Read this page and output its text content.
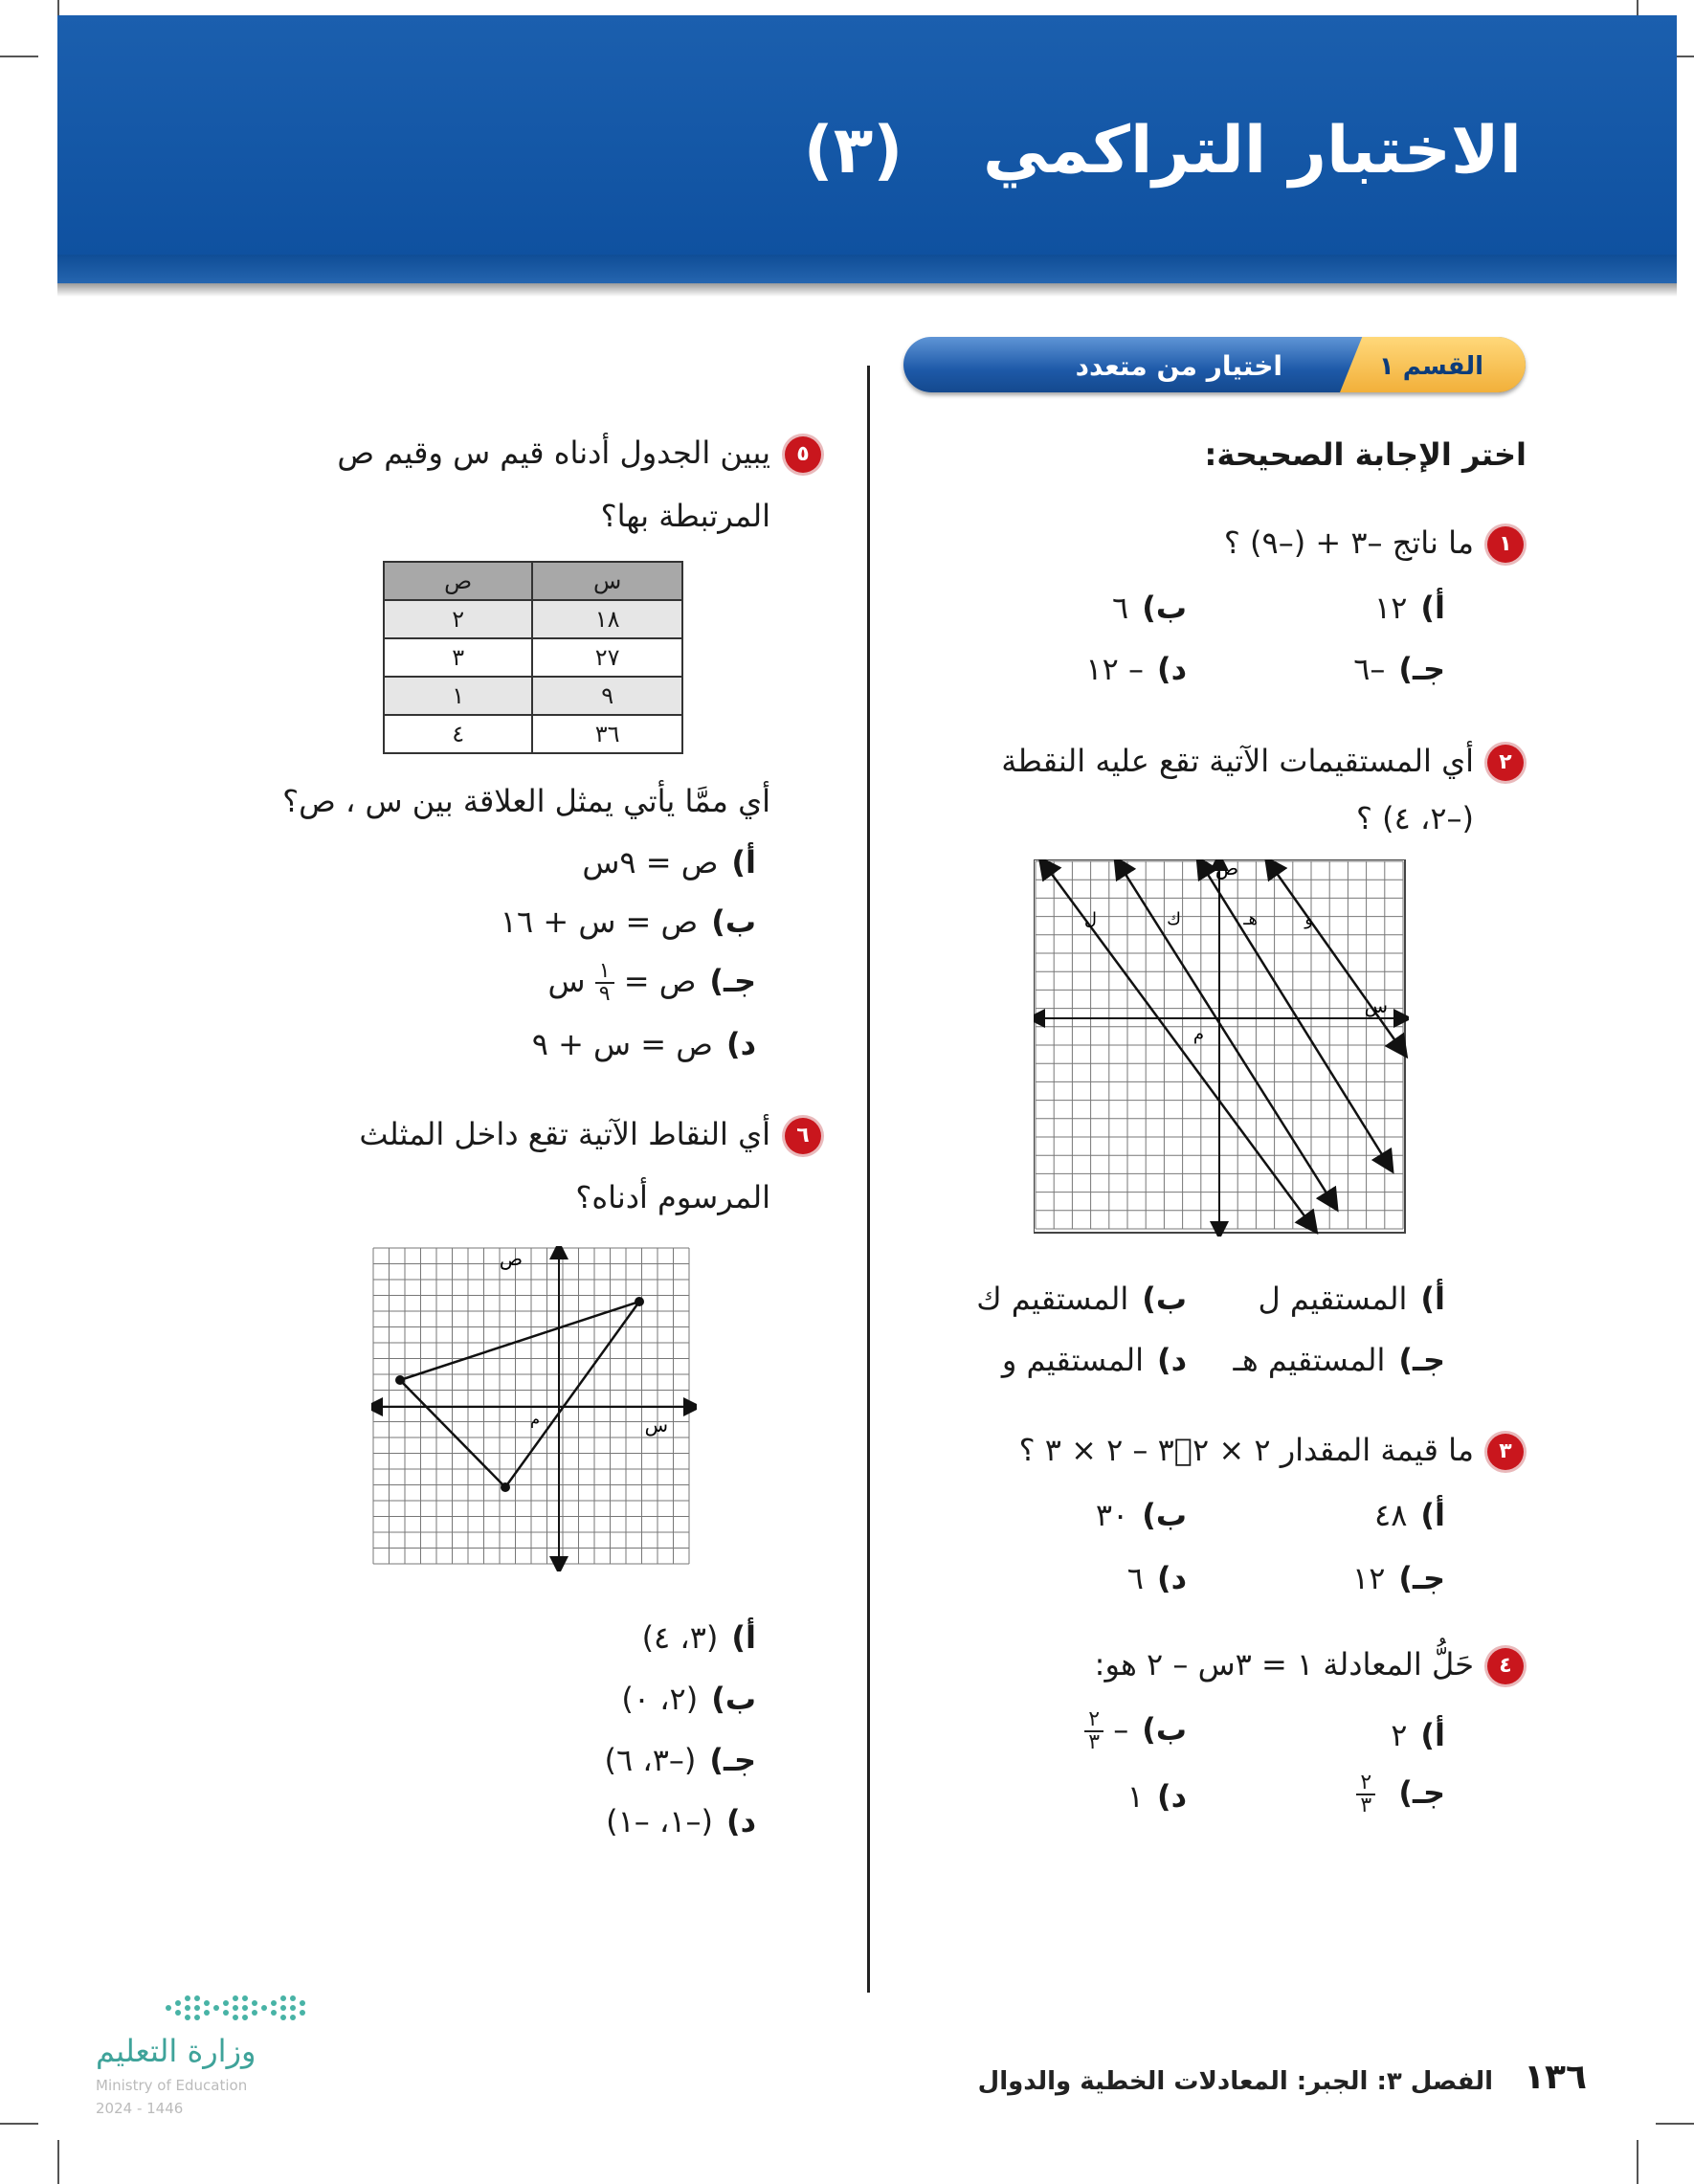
الاختبار التراكمي (٣)
القسم ١
اختيار من متعدد
اختر الإجابة الصحيحة:
١
ما ناتج –٣ + (–٩) ؟
أ)١٢
ب)٦
جـ)–٦
د)– ١٢
٢
أي المستقيمات الآتية تقع عليه النقطة
(–٢، ٤) ؟
ص
س
م
ل	ك	هـ	و
أ)المستقيم ل
ب)المستقيم ك
جـ)المستقيم هـ
د)المستقيم و
٣
ما قيمة المقدار ٢ × ٣ٜ٢ – ٢ × ٣ ؟
أ)٤٨
ب)٣٠
جـ)١٢
د)٦
٤
حَلُّ المعادلة ١ = ٣س – ٢ هو:
أ)٢
ب)–
$\frac{٢}{٣}$
جـ)
$\frac{٢}{٣}$
د)١
٥
يبين الجدول أدناه قيم س وقيم ص
المرتبطة بها؟
س	ص
١٨	٢
٢٧	٣
٩	١
٣٦	٤
أي ممَّا يأتي يمثل العلاقة بين س ، ص؟
أ)ص = ٩س
ب)ص = س + ١٦
جـ)ص =
$\frac{١}{٩}$
س
د)ص = س + ٩
٦
أي النقاط الآتية تقع داخل المثلث
المرسوم أدناه؟
ص
س
م
أ)(٣، ٤)
ب)(٢، ٠)
جـ)(–٣، ٦)
د)(–١، –١)
وزارة التعليم
Ministry of Education
2024 - 1446
١٣٦
الفصل ٣: الجبر: المعادلات الخطية والدوال
